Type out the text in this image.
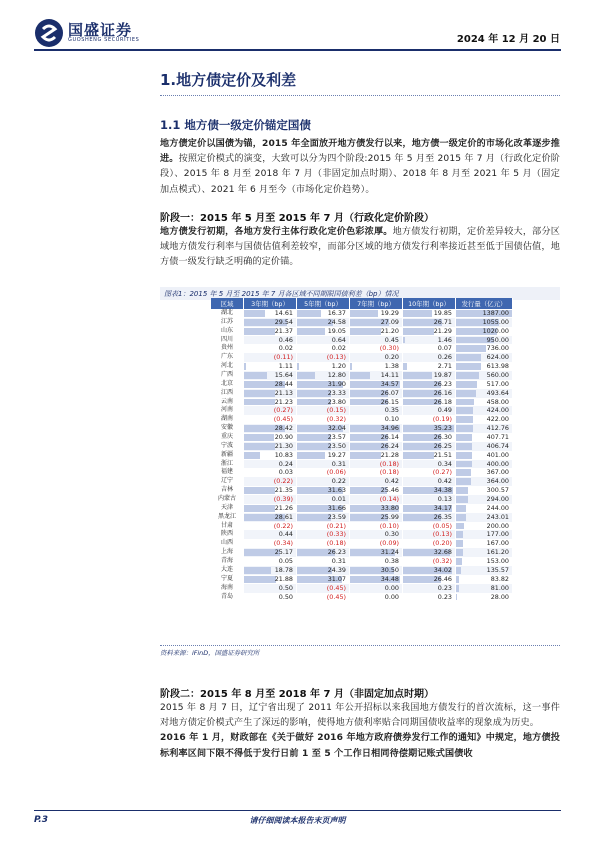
国盛证券
GUOSHENG SECURITIES	2024 年 12 月 20 日
1.地方债定价及利差
1.1 地方债一级定价锚定国债
地方债定价以国债为锚，2015 年全面放开地方债发行以来，地方债一级定价的市场化改革逐步推进。按照定价模式的演变，大致可以分为四个阶段:2015 年 5 月至 2015 年 7 月（行政化定价阶段）、2015 年 8 月至 2018 年 7 月（非固定加点时期）、2018 年 8 月至 2021 年 5 月（固定加点模式）、2021 年 6 月至今（市场化定价趋势）。
阶段一：2015 年 5 月至 2015 年 7 月（行政化定价阶段）
地方债发行初期，各地方发行主体行政化定价色彩浓厚。地方债发行初期，定价差异较大，部分区域地方债发行利率与国债估值利差较窄，而部分区域的地方债发行利率接近甚至低于国债估值，地方债一级发行缺乏明确的定价锚。
图表1：2015 年 5 月至 2015 年 7 月各区域不同期限国债利差（bp）情况
区域	3年期（bp）	5年期（bp）	7年期（bp）	10年期（bp）	发行量（亿元）
湖北	14.61	16.37	19.29	19.85	1387.00
江苏	29.54	24.58	27.09	26.71	1055.00
山东	21.37	19.05	21.20	21.29	1020.00
四川	0.46	0.64	0.45	1.46	950.00
贵州	0.02	0.02	(0.30)	0.07	736.00
广东	(0.11)	(0.13)	0.20	0.26	624.00
河北	1.11	1.20	1.38	2.71	613.98
广西	15.64	12.80	14.11	19.87	560.00
北京	28.44	31.90	34.57	26.23	517.00
江西	21.13	23.33	26.07	26.16	493.64
云南	21.23	23.80	26.15	26.18	458.00
河南	(0.27)	(0.15)	0.35	0.49	424.00
湖南	(0.45)	(0.32)	0.10	(0.19)	422.00
安徽	28.42	32.04	34.96	35.23	412.76
重庆	20.90	23.57	26.14	26.30	407.71
宁波	21.30	23.50	26.24	26.25	406.74
新疆	10.83	19.27	21.28	21.51	401.00
浙江	0.24	0.31	(0.18)	0.34	400.00
福建	0.03	(0.06)	(0.18)	(0.27)	367.00
辽宁	(0.22)	0.22	0.42	0.42	364.00
吉林	21.35	31.63	25.46	34.38	300.57
内蒙古	(0.39)	0.01	(0.14)	0.13	294.00
天津	21.26	31.66	33.80	34.17	244.00
黑龙江	28.61	23.59	25.99	26.35	243.01
甘肃	(0.22)	(0.21)	(0.10)	(0.05)	200.00
陕西	0.44	(0.33)	0.30	(0.13)	177.00
山西	(0.34)	(0.18)	(0.09)	(0.20)	167.00
上海	25.17	26.23	31.24	32.68	161.20
青海	0.05	0.31	0.38	(0.32)	153.00
大连	18.78	24.39	30.50	34.02	135.57
宁夏	21.88	31.07	34.48	26.46	83.82
海南	0.50	(0.45)	0.00	0.23	81.00
青岛	0.50	(0.45)	0.00	0.23	28.00
资料来源：iFinD，国盛证券研究所
阶段二：2015 年 8 月至 2018 年 7 月（非固定加点时期）
2015 年 8 月 7 日，辽宁省出现了 2011 年公开招标以来我国地方债发行的首次流标，这一事件对地方债定价模式产生了深远的影响，使得地方债利率贴合同期国债收益率的现象成为历史。
2016 年 1 月，财政部在《关于做好 2016 年地方政府债券发行工作的通知》中规定，地方债投标利率区间下限不得低于发行日前 1 至 5 个工作日相同待偿期记账式国债收
P.3	请仔细阅读本报告末页声明
